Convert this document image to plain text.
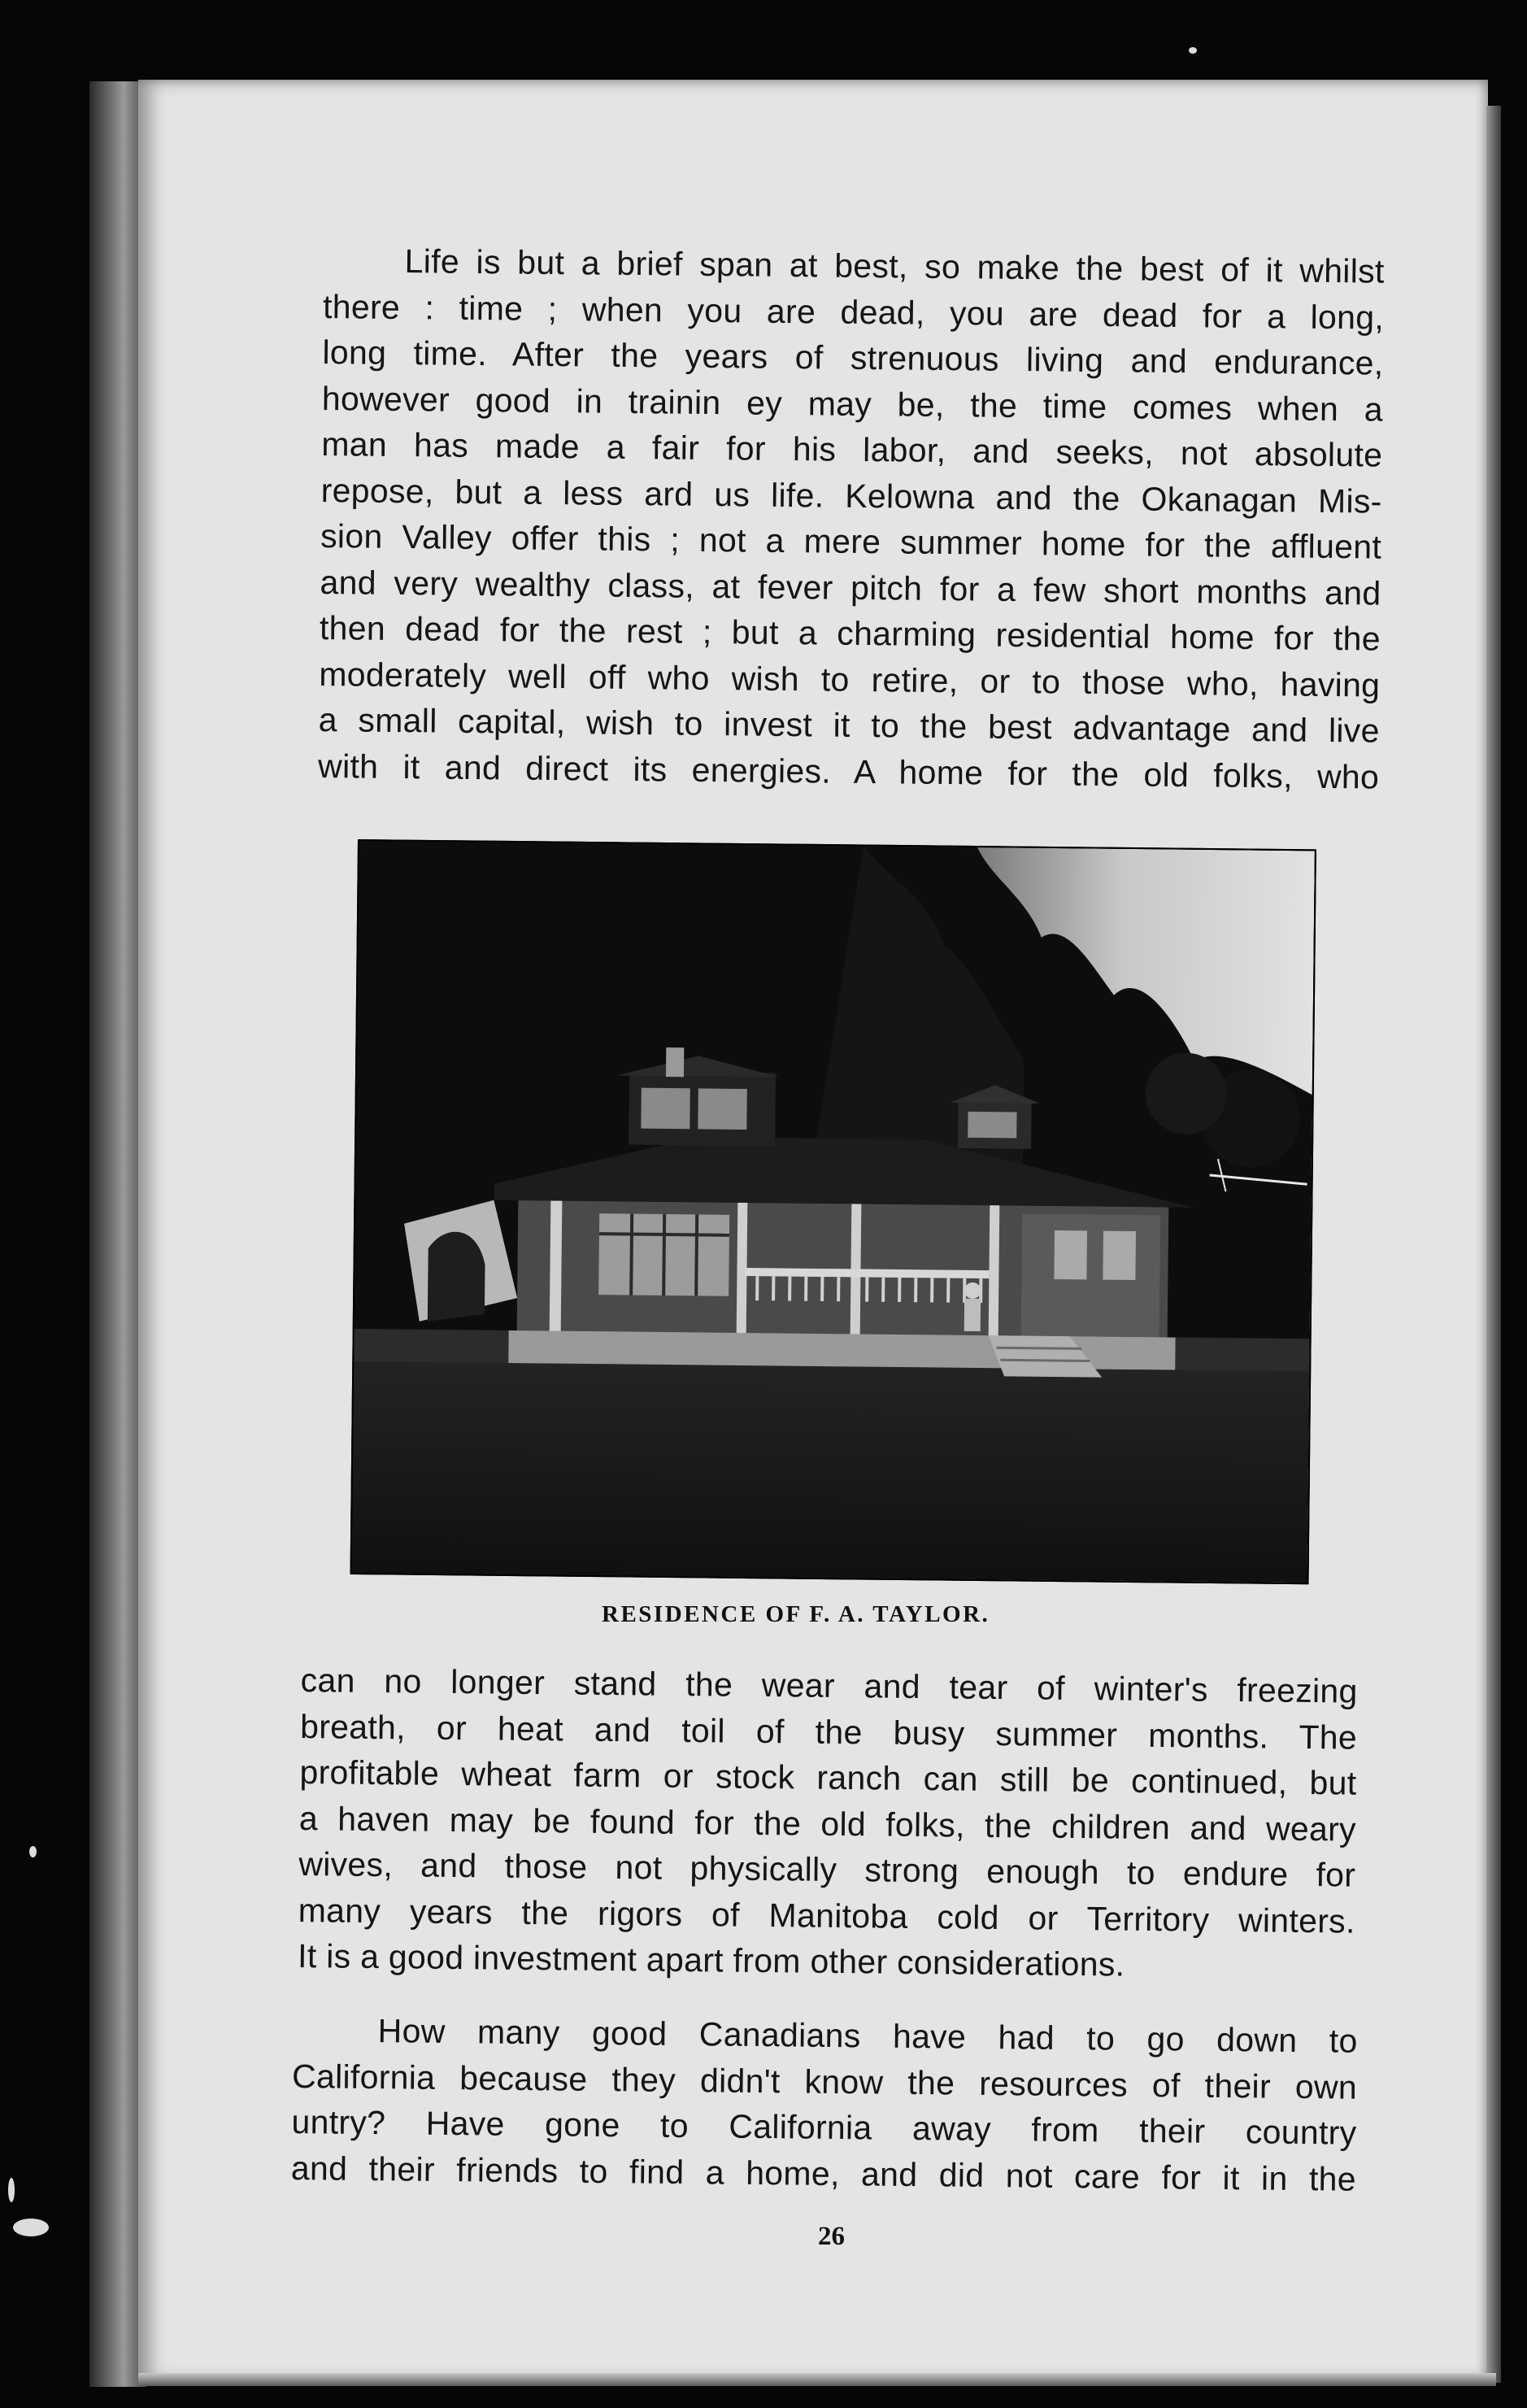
Life is but a brief span at best, so make the best of it whilst
there : time ; when you are dead, you are dead for a long,
long time. After the years of strenuous living and endurance,
however good in trainin ey may be, the time comes when a
man has made a fair for his labor, and seeks, not absolute
repose, but a less ard us life. Kelowna and the Okanagan Mis-
sion Valley offer this ; not a mere summer home for the affluent
and very wealthy class, at fever pitch for a few short months and
then dead for the rest ; but a charming residential home for the
moderately well off who wish to retire, or to those who, having
a small capital, wish to invest it to the best advantage and live
with it and direct its energies. A home for the old folks, who
RESIDENCE OF F. A. TAYLOR.
can no longer stand the wear and tear of winter's freezing
breath, or heat and toil of the busy summer months. The
profitable wheat farm or stock ranch can still be continued, but
a haven may be found for the old folks, the children and weary
wives, and those not physically strong enough to endure for
many years the rigors of Manitoba cold or Territory winters.
It is a good investment apart from other considerations.
How many good Canadians have had to go down to
California because they didn't know the resources of their own
untry? Have gone to California away from their country
and their friends to find a home, and did not care for it in the
26
